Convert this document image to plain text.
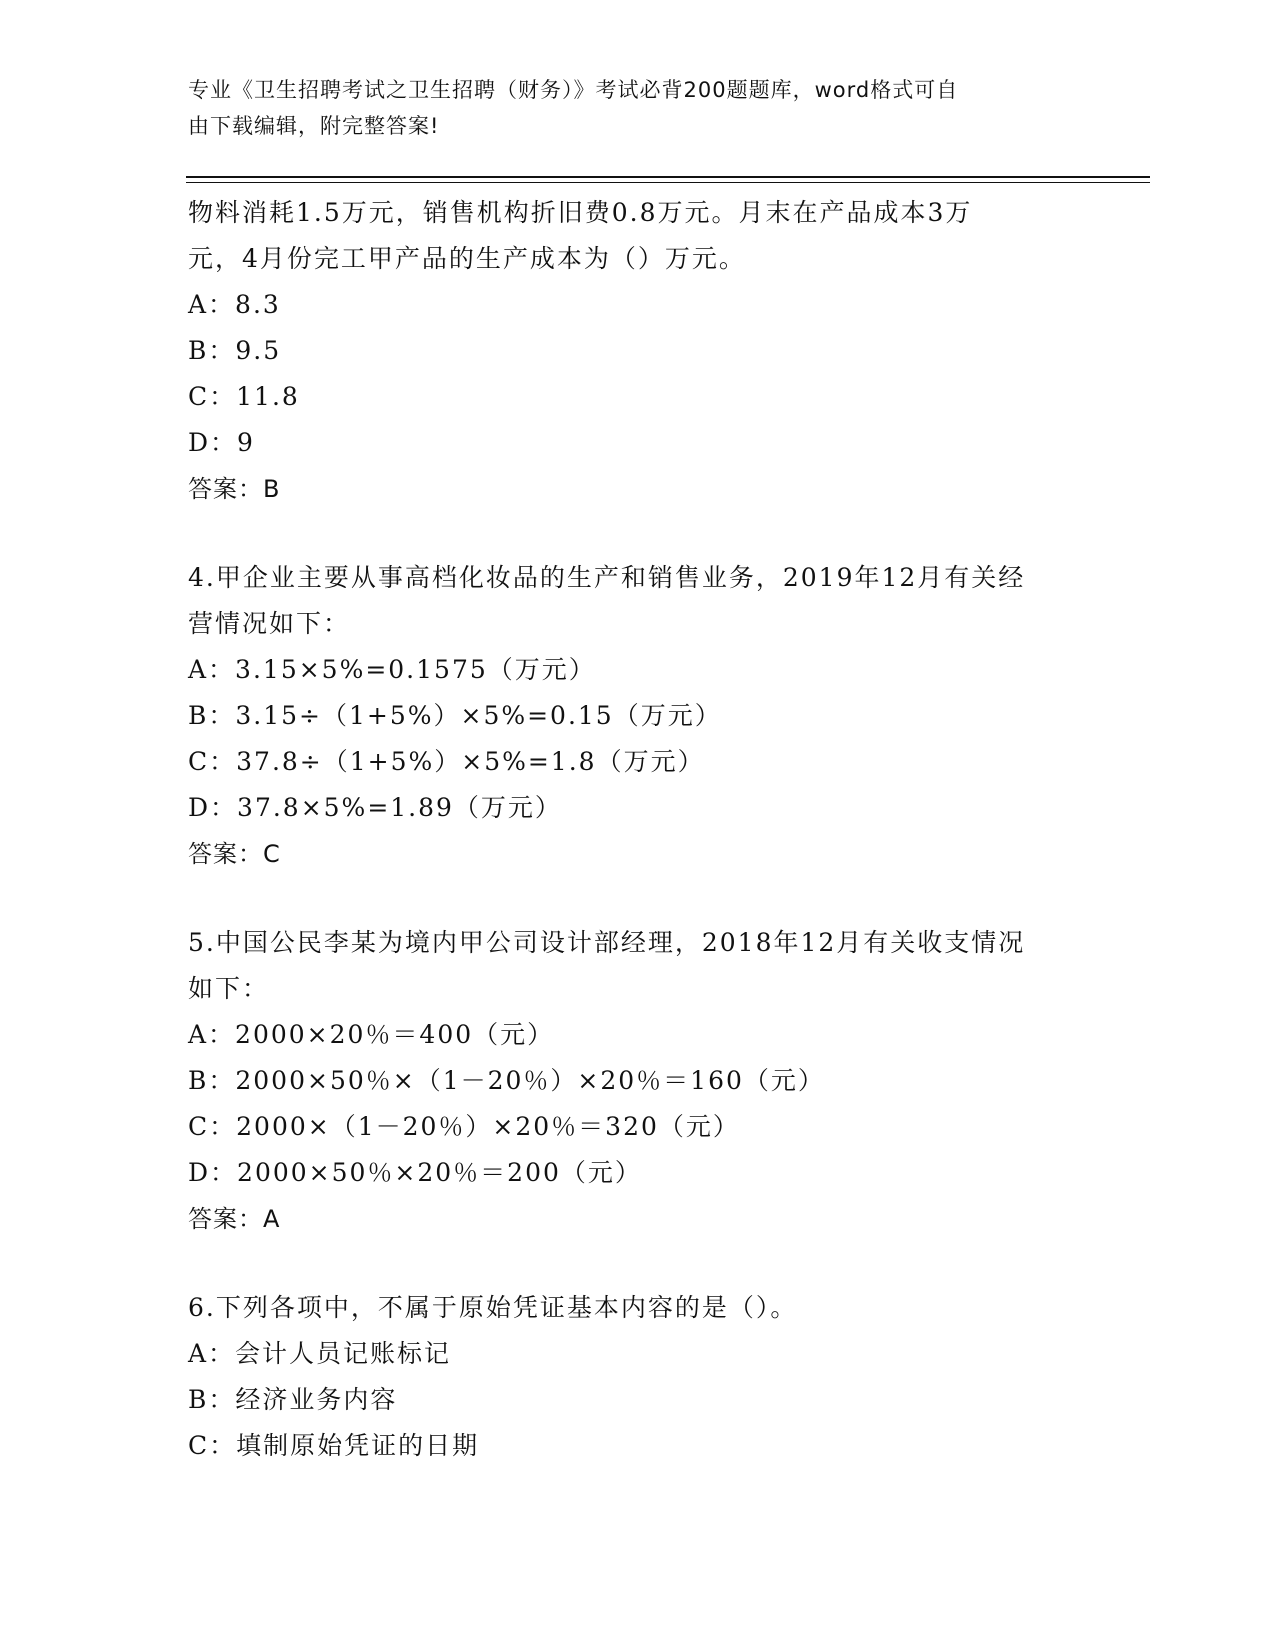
专业《卫生招聘考试之卫生招聘（财务）》考试必背200题题库，word格式可自
由下载编辑，附完整答案!
物料消耗1.5万元，销售机构折旧费0.8万元。月末在产品成本3万
元，4月份完工甲产品的生产成本为（）万元。
A：8.3
B：9.5
C：11.8
D：9
答案：B
4.甲企业主要从事高档化妆品的生产和销售业务，2019年12月有关经
营情况如下：
A：3.15×5%=0.1575（万元）
B：3.15÷（1+5%）×5%=0.15（万元）
C：37.8÷（1+5%）×5%=1.8（万元）
D：37.8×5%=1.89（万元）
答案：C
5.中国公民李某为境内甲公司设计部经理，2018年12月有关收支情况
如下：
A：2000×20％＝400（元）
B：2000×50％×（1－20％）×20％＝160（元）
C：2000×（1－20％）×20％＝320（元）
D：2000×50％×20％＝200（元）
答案：A
6.下列各项中，不属于原始凭证基本内容的是（）。
A：会计人员记账标记
B：经济业务内容
C：填制原始凭证的日期
